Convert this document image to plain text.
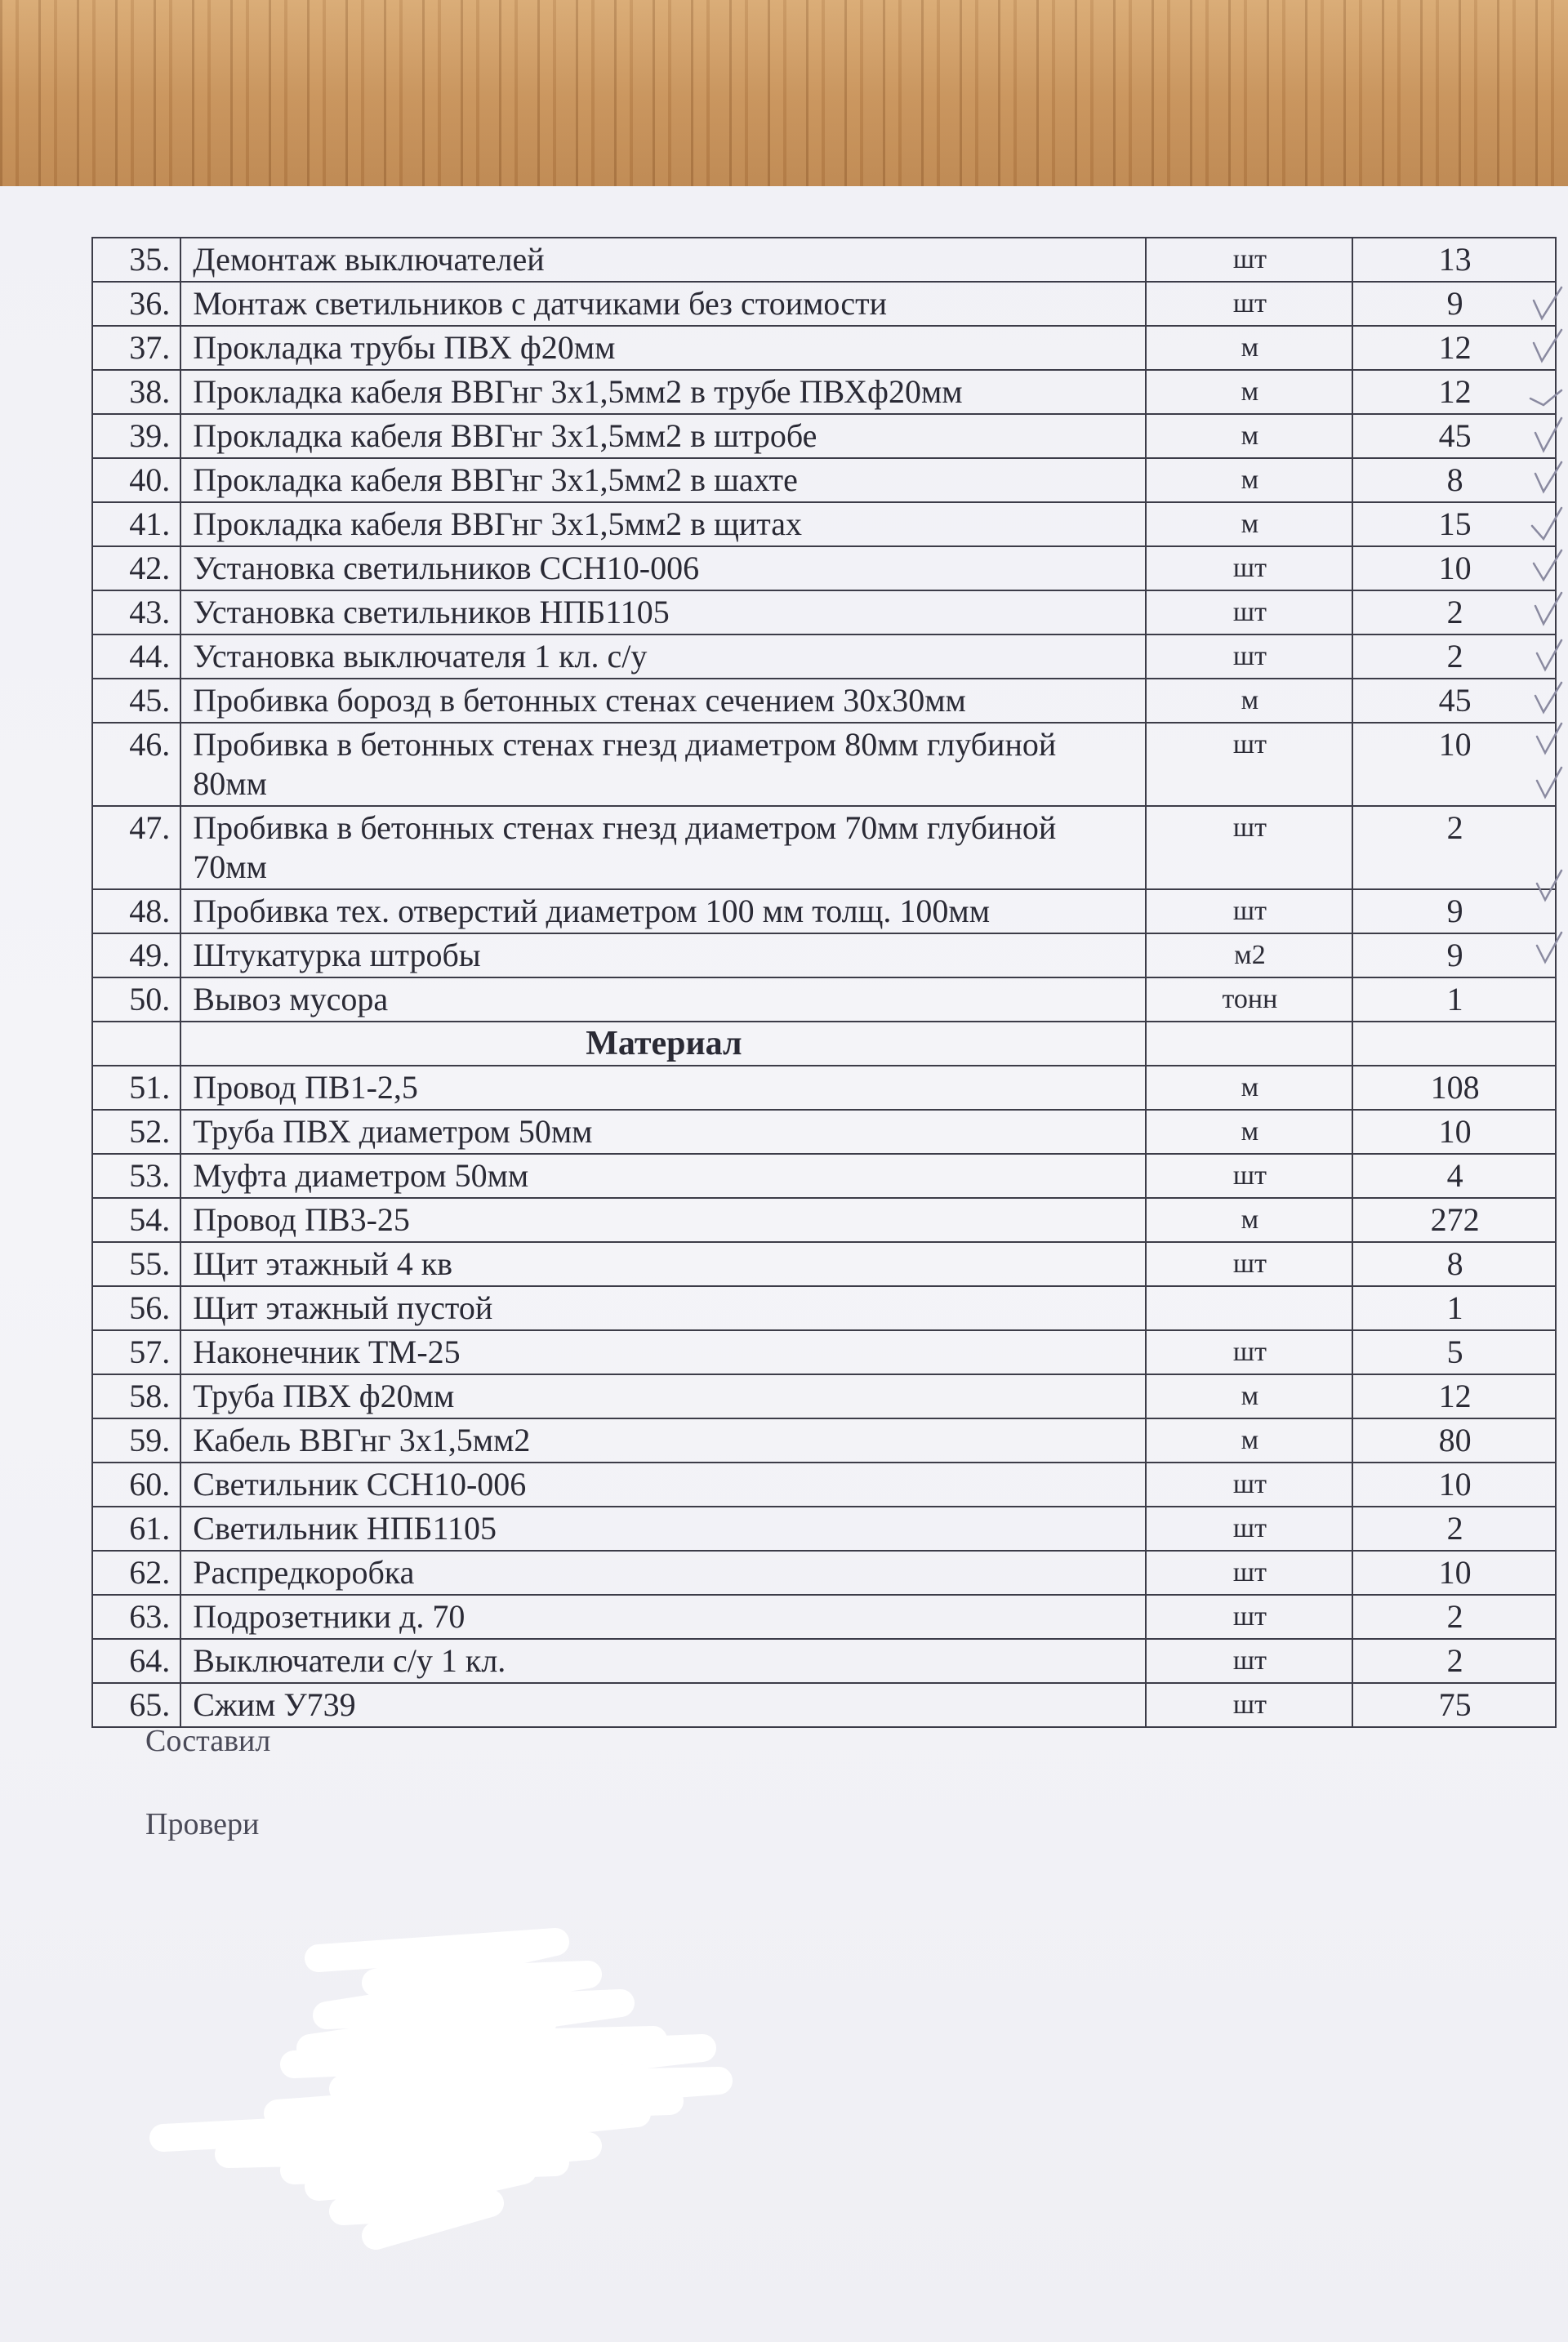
35.	Демонтаж выключателей	шт	13
36.	Монтаж светильников с датчиками без стоимости	шт	9
37.	Прокладка трубы ПВХ ф20мм	м	12
38.	Прокладка кабеля ВВГнг 3х1,5мм2 в трубе ПВХф20мм	м	12
39.	Прокладка кабеля ВВГнг 3х1,5мм2 в штробе	м	45
40.	Прокладка кабеля ВВГнг 3х1,5мм2 в шахте	м	8
41.	Прокладка кабеля ВВГнг 3х1,5мм2 в щитах	м	15
42.	Установка светильников ССН10-006	шт	10
43.	Установка светильников НПБ1105	шт	2
44.	Установка выключателя 1 кл. с/у	шт	2
45.	Пробивка борозд в бетонных стенах сечением 30х30мм	м	45
46.	Пробивка в бетонных стенах гнезд диаметром 80мм глубиной 80мм	шт	10
47.	Пробивка в бетонных стенах гнезд диаметром 70мм глубиной 70мм	шт	2
48.	Пробивка тех. отверстий диаметром 100 мм толщ. 100мм	шт	9
49.	Штукатурка штробы	м2	9
50.	Вывоз мусора	тонн	1
	Материал		
51.	Провод ПВ1-2,5	м	108
52.	Труба ПВХ диаметром 50мм	м	10
53.	Муфта диаметром 50мм	шт	4
54.	Провод ПВ3-25	м	272
55.	Щит этажный 4 кв	шт	8
56.	Щит этажный пустой		1
57.	Наконечник ТМ-25	шт	5
58.	Труба ПВХ ф20мм	м	12
59.	Кабель ВВГнг 3х1,5мм2	м	80
60.	Светильник ССН10-006	шт	10
61.	Светильник НПБ1105	шт	2
62.	Распредкоробка	шт	10
63.	Подрозетники д. 70	шт	2
64.	Выключатели с/у 1 кл.	шт	2
65.	Сжим У739	шт	75
Составил
Провери
